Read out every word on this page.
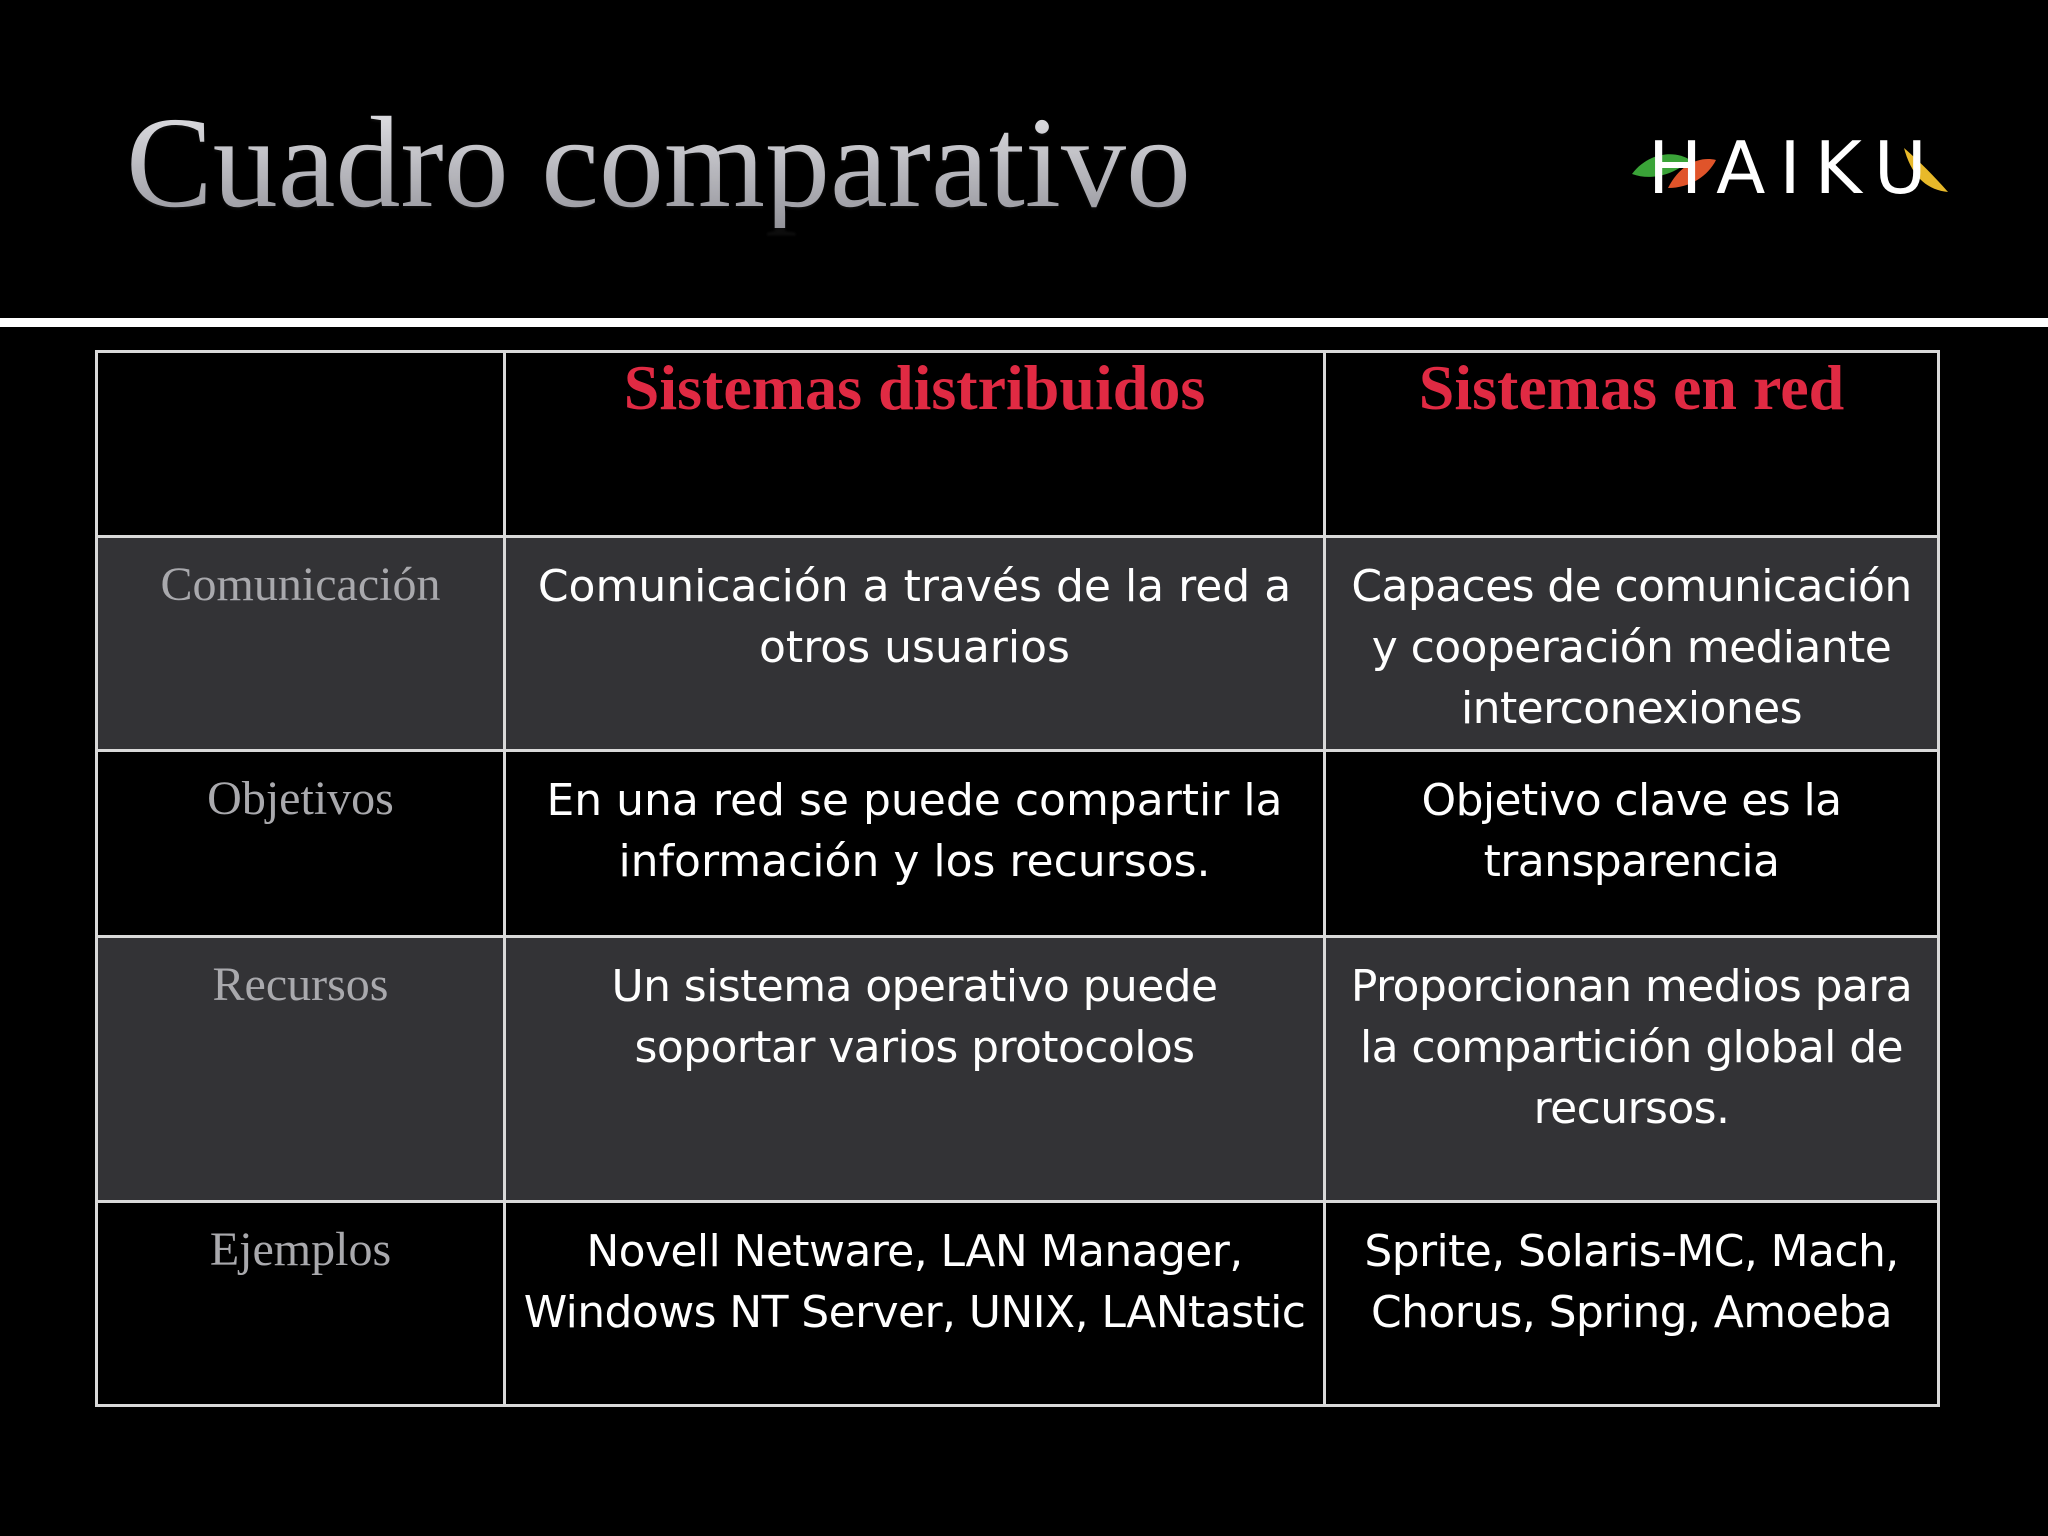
Cuadro comparativo	HAIKU
	Sistemas distribuidos	Sistemas en red
Comunicación	Comunicación a través de la red a otros usuarios	Capaces de comunicación y cooperación mediante interconexiones
Objetivos	En una red se puede compartir la información y los recursos.	Objetivo clave es la transparencia
Recursos	Un sistema operativo puede soportar varios protocolos	Proporcionan medios para la compartición global de recursos.
Ejemplos	Novell Netware, LAN Manager, Windows NT Server, UNIX, LANtastic	Sprite, Solaris-MC, Mach, Chorus, Spring, Amoeba
